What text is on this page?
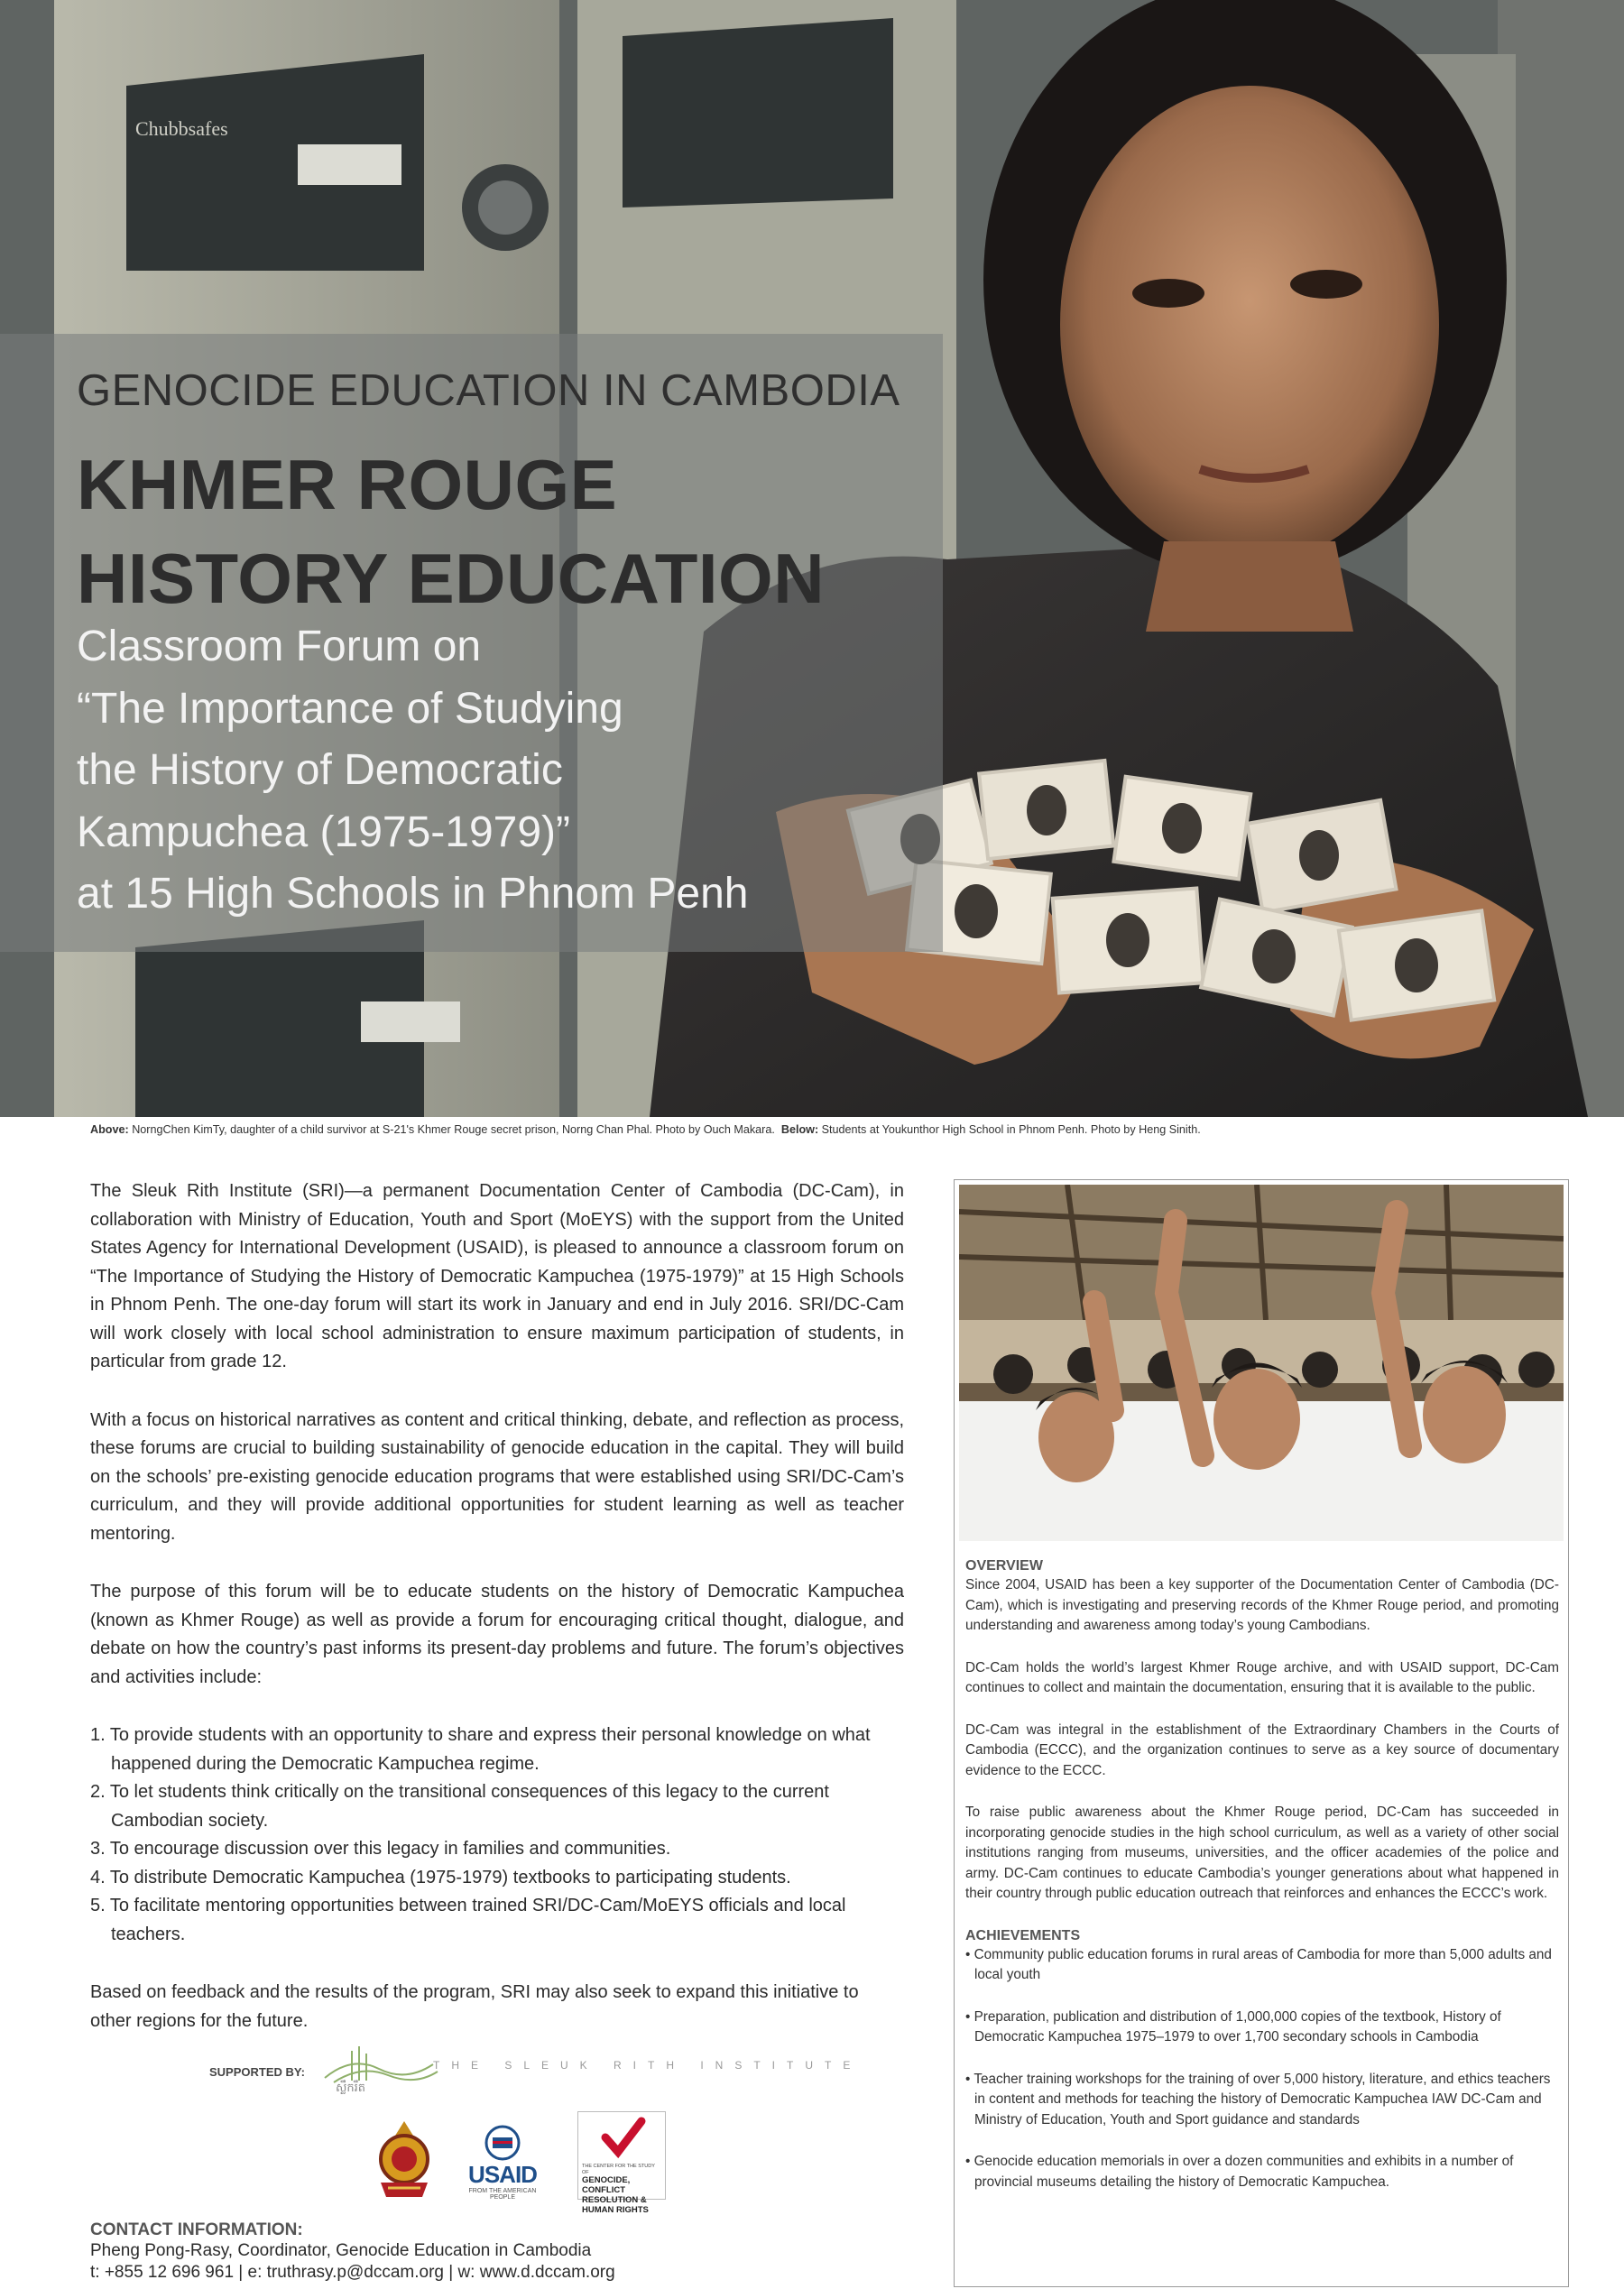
Chubbsafes
GENOCIDE EDUCATION IN CAMBODIA
KHMER ROUGE
HISTORY EDUCATION
Classroom Forum on
“The Importance of Studying
the History of Democratic
Kampuchea (1975-1979)”
at 15 High Schools in Phnom Penh

Above: NorngChen KimTy, daughter of a child survivor at S-21's Khmer Rouge secret prison, Norng Chan Phal. Photo by Ouch Makara. Below: Students at Youkunthor High School in Phnom Penh. Photo by Heng Sinith.

The Sleuk Rith Institute (SRI)—a permanent Documentation Center of Cambodia (DC-Cam), in collaboration with Ministry of Education, Youth and Sport (MoEYS) with the support from the United States Agency for International Development (USAID), is pleased to announce a classroom forum on “The Importance of Studying the History of Democratic Kampuchea (1975-1979)” at 15 High Schools in Phnom Penh. The one-day forum will start its work in January and end in July 2016. SRI/DC-Cam will work closely with local school administration to ensure maximum participation of students, in particular from grade 12.

With a focus on historical narratives as content and critical thinking, debate, and reflection as process, these forums are crucial to building sustainability of genocide education in the capital. They will build on the schools’ pre-existing genocide education programs that were established using SRI/DC-Cam’s curriculum, and they will provide additional opportunities for student learning as well as teacher mentoring.

The purpose of this forum will be to educate students on the history of Democratic Kampuchea (known as Khmer Rouge) as well as provide a forum for encouraging critical thought, dialogue, and debate on how the country’s past informs its present-day problems and future. The forum’s objectives and activities include:

1. To provide students with an opportunity to share and express their personal knowledge on what happened during the Democratic Kampuchea regime.
2. To let students think critically on the transitional consequences of this legacy to the current Cambodian society.
3. To encourage discussion over this legacy in families and communities.
4. To distribute Democratic Kampuchea (1975-1979) textbooks to participating students.
5. To facilitate mentoring opportunities between trained SRI/DC-Cam/MoEYS officials and local teachers.

Based on feedback and the results of the program, SRI may also seek to expand this initiative to other regions for the future.

SUPPORTED BY:	THE SLEUK RITH INSTITUTE

ស្លឹករឹត

USAID
FROM THE AMERICAN PEOPLE

THE CENTER FOR THE STUDY OF

GENOCIDE, CONFLICT RESOLUTION & HUMAN RIGHTS

CONTACT INFORMATION:

Pheng Pong-Rasy, Coordinator, Genocide Education in Cambodia

t: +855 12 696 961 | e: truthrasy.p@dccam.org | w: www.d.dccam.org

OVERVIEW

Since 2004, USAID has been a key supporter of the Documentation Center of Cambodia (DC-Cam), which is investigating and preserving records of the Khmer Rouge period, and promoting understanding and awareness among today’s young Cambodians.

DC-Cam holds the world’s largest Khmer Rouge archive, and with USAID support, DC-Cam continues to collect and maintain the documentation, ensuring that it is available to the public.

DC-Cam was integral in the establishment of the Extraordinary Chambers in the Courts of Cambodia (ECCC), and the organization continues to serve as a key source of documentary evidence to the ECCC.

To raise public awareness about the Khmer Rouge period, DC-Cam has succeeded in incorporating genocide studies in the high school curriculum, as well as a variety of other social institutions ranging from museums, universities, and the officer academies of the police and army. DC-Cam continues to educate Cambodia’s younger generations about what happened in their country through public education outreach that reinforces and enhances the ECCC’s work.

ACHIEVEMENTS
• Community public education forums in rural areas of Cambodia for more than 5,000 adults and local youth
• Preparation, publication and distribution of 1,000,000 copies of the textbook, History of Democratic Kampuchea 1975–1979 to over 1,700 secondary schools in Cambodia
• Teacher training workshops for the training of over 5,000 history, literature, and ethics teachers in content and methods for teaching the history of Democratic Kampuchea IAW DC-Cam and Ministry of Education, Youth and Sport guidance and standards
• Genocide education memorials in over a dozen communities and exhibits in a number of provincial museums detailing the history of Democratic Kampuchea.
